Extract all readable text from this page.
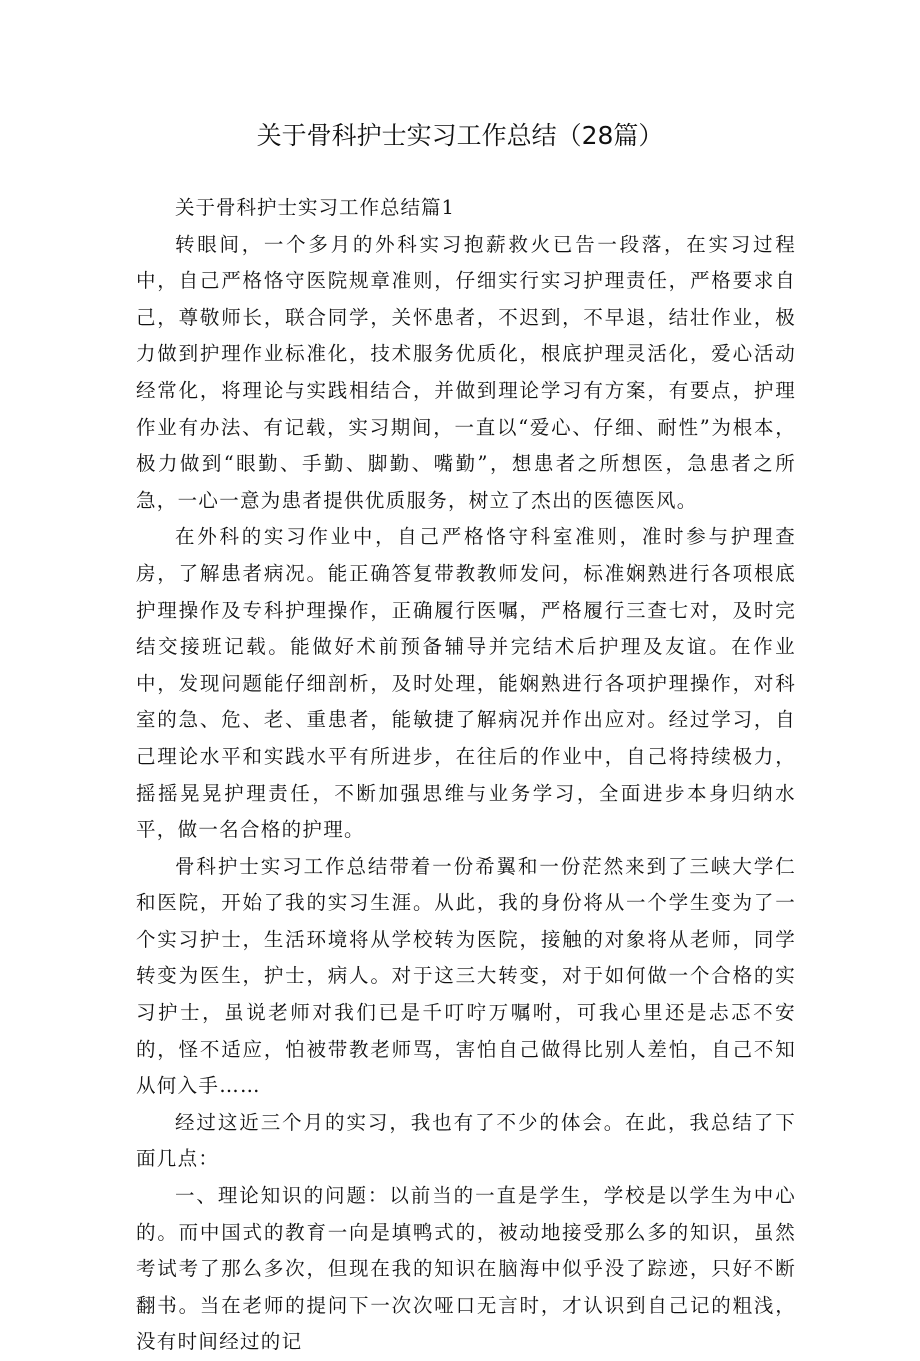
关于骨科护士实习工作总结（28篇）

关于骨科护士实习工作总结篇1

转眼间，一个多月的外科实习抱薪救火已告一段落，在实习过程中，自己严格恪守医院规章准则，仔细实行实习护理责任，严格要求自己，尊敬师长，联合同学，关怀患者，不迟到，不早退，结壮作业，极力做到护理作业标准化，技术服务优质化，根底护理灵活化，爱心活动经常化，将理论与实践相结合，并做到理论学习有方案，有要点，护理作业有办法、有记载，实习期间，一直以“爱心、仔细、耐性”为根本，极力做到“眼勤、手勤、脚勤、嘴勤”，想患者之所想医，急患者之所急，一心一意为患者提供优质服务，树立了杰出的医德医风。

在外科的实习作业中，自己严格恪守科室准则，准时参与护理查房，了解患者病况。能正确答复带教教师发问，标准娴熟进行各项根底护理操作及专科护理操作，正确履行医嘱，严格履行三查七对，及时完结交接班记载。能做好术前预备辅导并完结术后护理及友谊。在作业中，发现问题能仔细剖析，及时处理，能娴熟进行各项护理操作，对科室的急、危、老、重患者，能敏捷了解病况并作出应对。经过学习，自己理论水平和实践水平有所进步，在往后的作业中，自己将持续极力，摇摇晃晃护理责任，不断加强思维与业务学习，全面进步本身归纳水平，做一名合格的护理。

骨科护士实习工作总结带着一份希翼和一份茫然来到了三峡大学仁和医院，开始了我的实习生涯。从此，我的身份将从一个学生变为了一个实习护士，生活环境将从学校转为医院，接触的对象将从老师，同学转变为医生，护士，病人。对于这三大转变，对于如何做一个合格的实习护士，虽说老师对我们已是千叮咛万嘱咐，可我心里还是忐忑不安的，怪不适应，怕被带教老师骂，害怕自己做得比别人差怕，自己不知从何入手……

经过这近三个月的实习，我也有了不少的体会。在此，我总结了下面几点：

一、理论知识的问题：以前当的一直是学生，学校是以学生为中心的。而中国式的教育一向是填鸭式的，被动地接受那么多的知识，虽然考试考了那么多次，但现在我的知识在脑海中似乎没了踪迹，只好不断翻书。当在老师的提问下一次次哑口无言时，才认识到自己记的粗浅，没有时间经过的记
